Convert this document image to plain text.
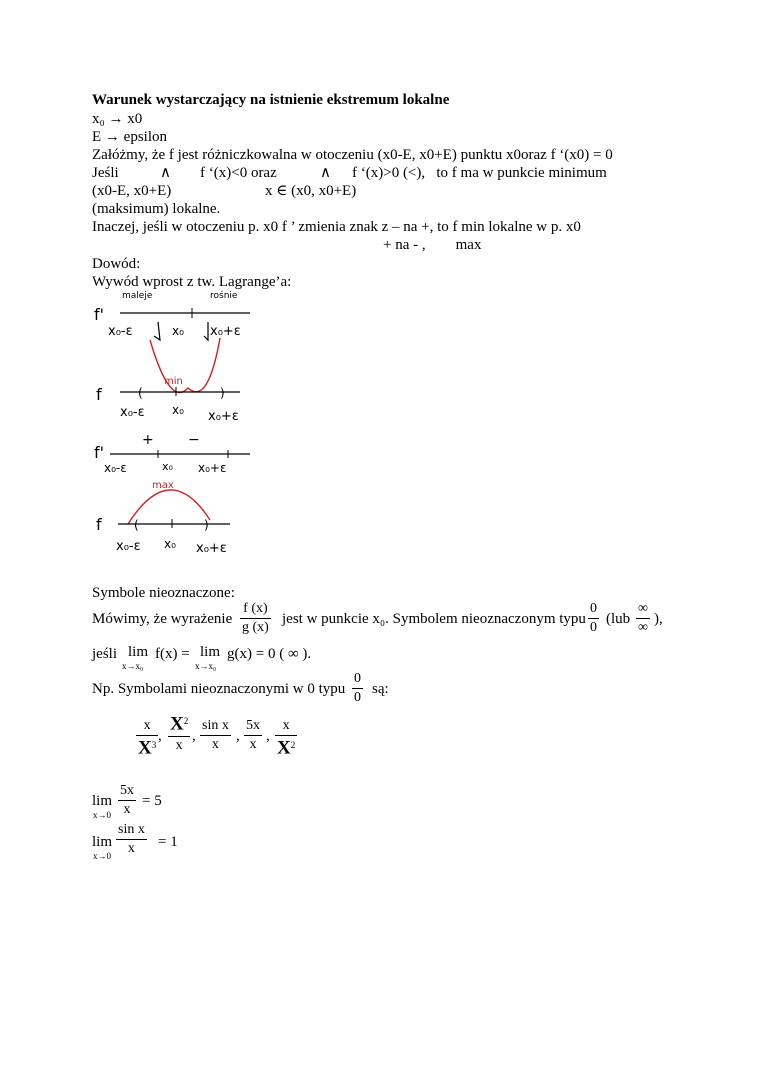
Warunek wystarczający na istnienie ekstremum lokalne
x₀ → x0
E → epsilon
Załóżmy, że f jest różniczkowalna w otoczeniu (x0-E, x0+E) punktu x0oraz f ‘(x0) = 0
Jeśli	∧ f ‘(x)<0 oraz	∧ f ‘(x)>0 (<),   to f ma w punkcie minimum
(x0-E, x0+E)	x ∈ (x0, x0+E)
(maksimum) lokalne.
Inaczej, jeśli w otoczeniu p. x0 f ’ zmienia znak z – na +, to f min lokalne w p. x0
+ na - ,        max
Dowód:
Wywód wprost z tw. Lagrange’a:
maleje	rośnie
f'
x₀-ε	x₀ x₀+ε
min
f	(	)
x₀-ε x₀ x₀+ε
+ −
f'
x₀-ε	x₀ x₀+ε
max
f	(	)
x₀-ε x₀ x₀+ε
Symbole nieoznaczone:
Mówimy, że wyrażenie
f (x)
g (x)
jest w punkcie x₀. Symbolem nieoznaczonym typu
0
0
(lub
∞
∞
),
jeśli lim
x→x₀
f(x) = lim
x→x₀
g(x) = 0 ( ∞ ).
Np. Symbolami nieoznaczonymi w 0 typu
0
0
są:
x
$X^3$
,
$X^2$
x
,
sin x
x
,
5x
x
,
x
$X^2$
lim
x→0
5x
x
= 5
lim
x→0
sin x
x	= 1
